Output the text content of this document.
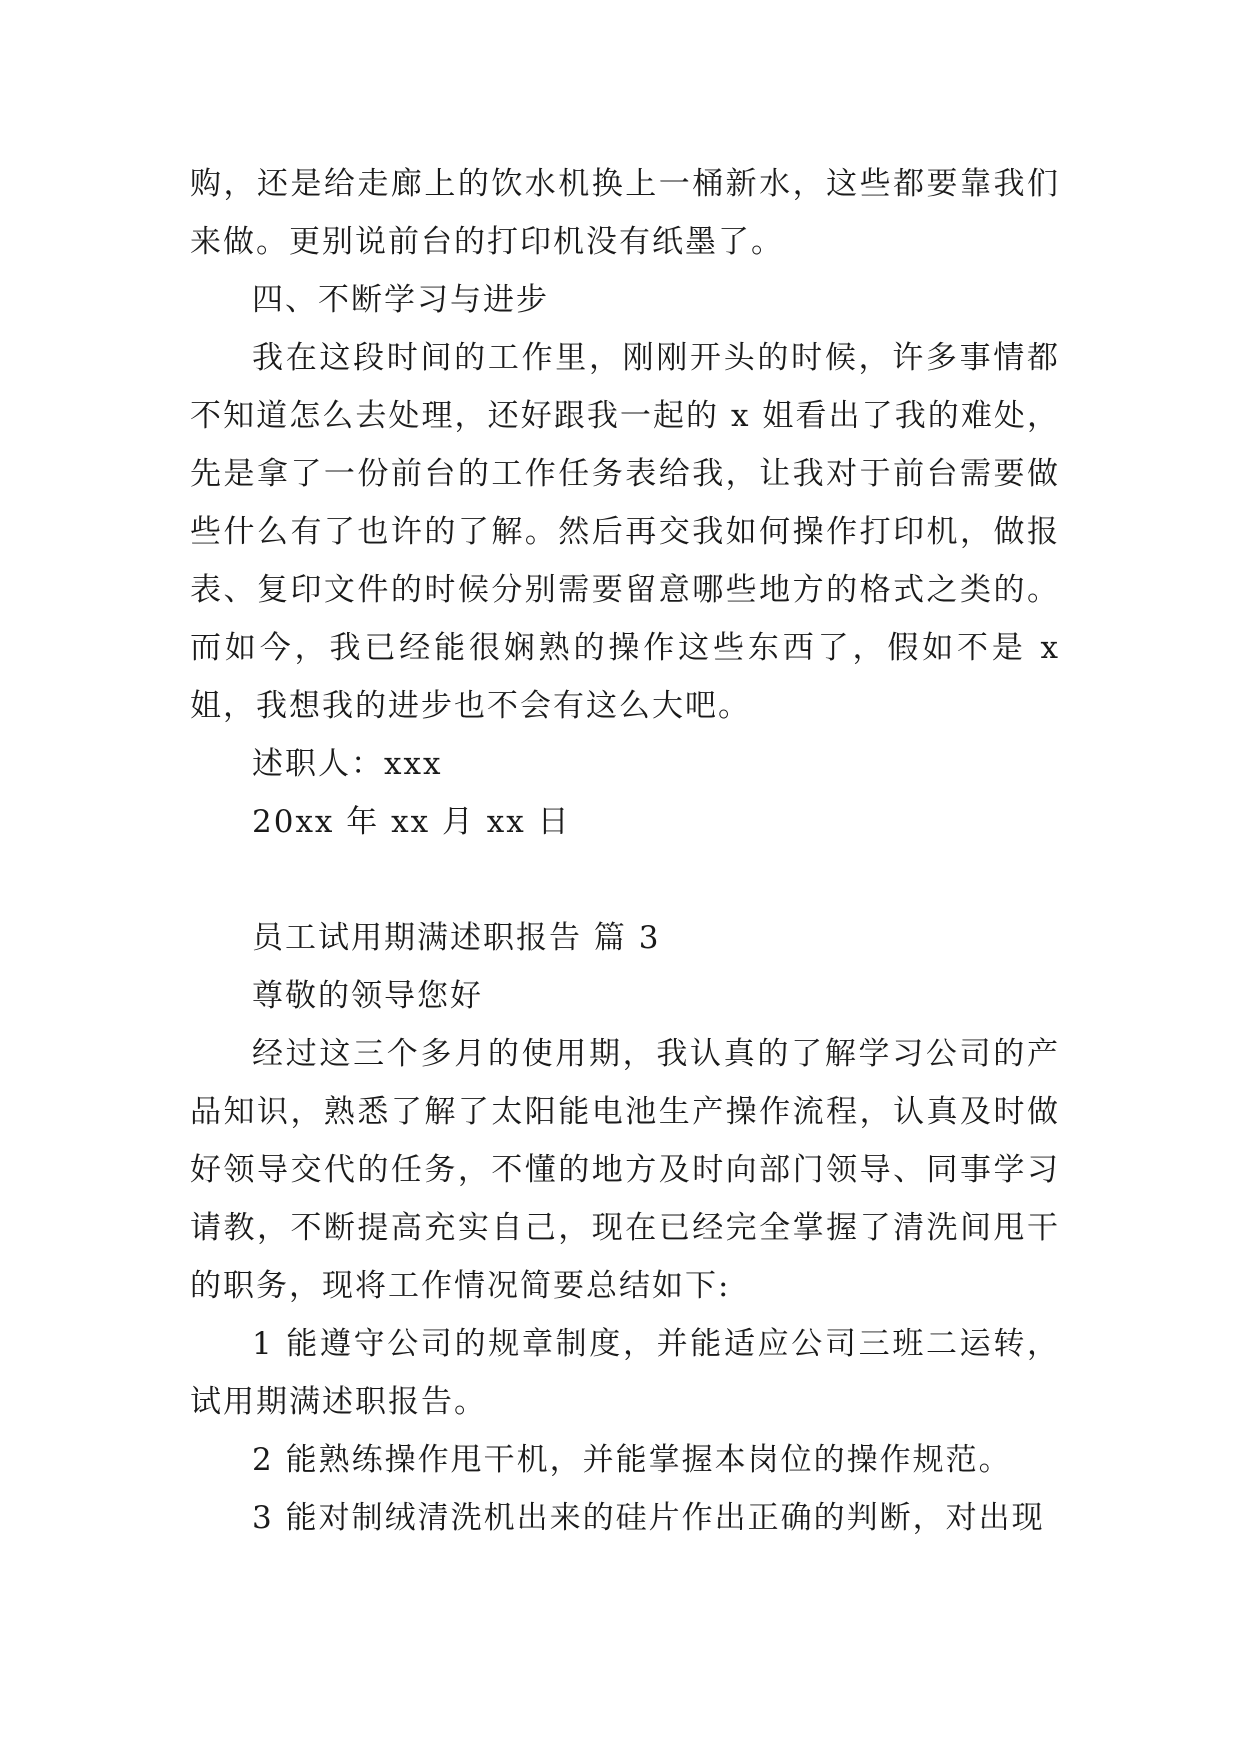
购，还是给走廊上的饮水机换上一桶新水，这些都要靠我们来做。更别说前台的打印机没有纸墨了。

四、不断学习与进步

我在这段时间的工作里，刚刚开头的时候，许多事情都不知道怎么去处理，还好跟我一起的 x 姐看出了我的难处，先是拿了一份前台的工作任务表给我，让我对于前台需要做些什么有了也许的了解。然后再交我如何操作打印机，做报表、复印文件的时候分别需要留意哪些地方的格式之类的。而如今，我已经能很娴熟的操作这些东西了，假如不是 x 姐，我想我的进步也不会有这么大吧。

述职人：xxx

20xx 年 xx 月 xx 日

员工试用期满述职报告 篇 3

尊敬的领导您好

经过这三个多月的使用期，我认真的了解学习公司的产品知识，熟悉了解了太阳能电池生产操作流程，认真及时做好领导交代的任务，不懂的地方及时向部门领导、同事学习请教，不断提高充实自己，现在已经完全掌握了清洗间甩干的职务，现将工作情况简要总结如下:

1 能遵守公司的规章制度，并能适应公司三班二运转，试用期满述职报告。

2 能熟练操作甩干机，并能掌握本岗位的操作规范。

3 能对制绒清洗机出来的硅片作出正确的判断，对出现
